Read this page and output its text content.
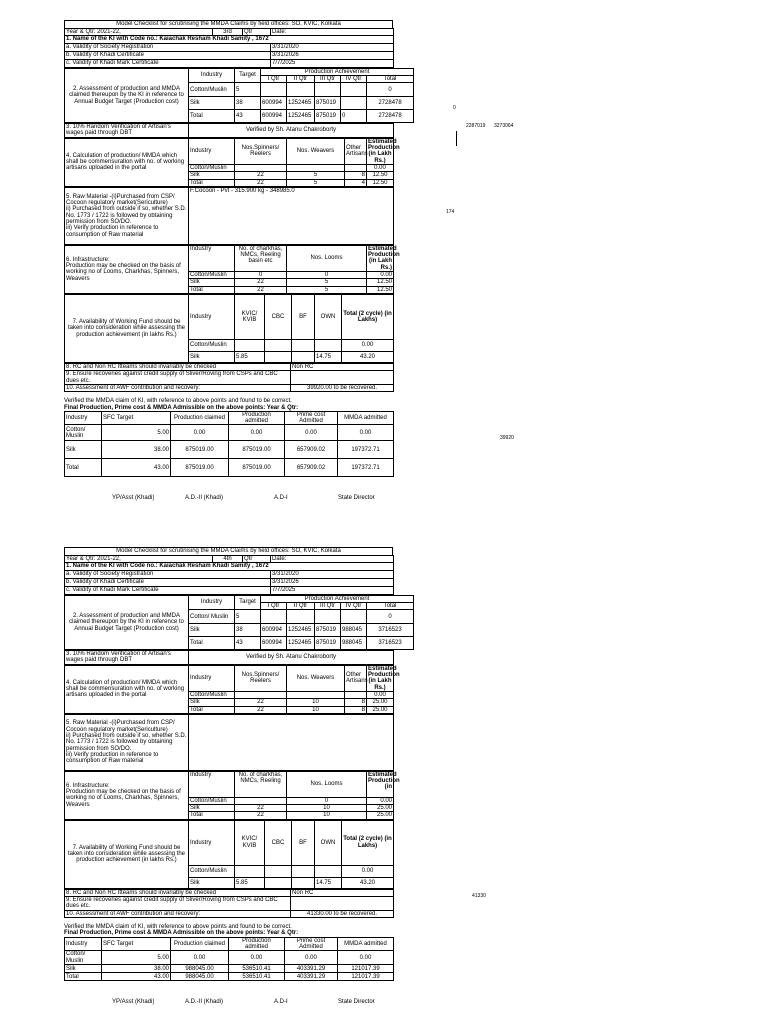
Model Checklist for scrutinising the MMDA Claims by field offices: SO, KVIC, Kolkata
Year & Qtr: 2021-22,	3rd	Qtr	Date:
1. Name of the KI with Code no.: Kaiachak Resham Khadi Samity , 1672			
a. Validity of Society Registration			3/31/2020
b. Validity of Khadi Certificate			3/31/2026
c. Validity of Khadi Mark Certificate			7/7/2025
2. Assessment of production and MMDA claimed thereupon by the KI in reference to Annual Budget Target (Production cost)	Industry	Target	Production Achievement				
			I Qtr	II Qtr	III Qtr	IV Qtr	Total
	Cotton/Muslin	5					0
	Silk	38	600994	1252465	875019		2728478
	Total	43	600994	1252465	875019	0	2728478
3. 10% Random Verification of Artisan's wages paid through DBT	Verified by Sh. Atanu Chakroborty
4. Calculation of production/ MMDA which shall be commensuration with no. of working artisans uploaded in the portal	Industry	Nos.Spinners/ Reelers	Nos. Weavers	Other Artisans	Estimated Production (in Lakh Rs.)
	Cotton/Muslin				0.00
	Silk	22	5	8	12.50
	Total	22	5	4	12.50
5. Raw Material -(i)Purchased from CSP/ Cocoon regulatory market(Sericulture)
ii) Purchased from outside if so, whether S.D. No. 1773 / 1722 is followed by obtaining permission from SO/DO.
iii) Verify production in reference to consumption of Raw material	F.Cocoon - Pvt - 315.900 kg - 348985.0
6. Infrastructure:
Production may be checked on the basis of working no of Looms, Charkhas, Spinners, Weavers	Industry	No. of charkhas, NMCs, Reeling basin etc	Nos. Looms	Estimated Production (in Lakh Rs.)
	Cotton/Muslin	0	0	0.00
	Silk	22	5	12.50
	Total	22	5	12.50
7. Availability of Working Fund should be taken into consideration while assessing the production achievement (in lakhs Rs.)	Industry	KVIC/ KVIB	CBC	BF	OWN	Total (2 cycle) (in Lakhs)	
	Cotton/Muslin					0.00	
	Silk	5.85			14.75	43.20	
8. RC and Non RC Itteams should invariably be checked	Non RC
9. Ensure recoveries against credit supply of Sliver/Roving from CSPs and CBC dues etc.	
10. Assessment of AWF contribution and recovery:	39920.00 to be recovered.
Verified the MMDA claim of KI, with reference to above points and found to be correct.
Final Production, Prime cost & MMDA Admissible on the above points: Year & Qtr:
Industry	SFC Target	Production claimed	Production admitted	Prime cost Admitted	MMDA admitted
Cotton/ Muslin	5.00	0.00	0.00	0.00	0.00
Silk	38.00	875019.00	875019.00	657909.02	197372.71
Total	43.00	875019.00	875019.00	657909.02	197372.71
YP/Asst (Khadi)	A.D.-II (Khadi)	A.D-I	State Director
Model Checklist for scrutinising the MMDA Claims by field offices: SO, KVIC, Kolkata
Year & Qtr: 2021-22,	4th	Qtr	Date:
1. Name of the KI with Code no.: Kaiachak Resham Khadi Samity , 1672			
a. Validity of Society Registration			3/31/2020
b. Validity of Khadi Certificate			3/31/2026
c. Validity of Khadi Mark Certificate			7/7/2025
2. Assessment of production and MMDA claimed thereupon by the KI in reference to Annual Budget Target (Production cost)	Industry	Target	Production Achievement				
			I Qtr	II Qtr	III Qtr	IV Qtr	Total
	Cotton/ Muslin	5					0
	Silk	38	600994	1252465	875019	988045	3716523
	Total	43	600994	1252465	875019	988045	3716523
3. 10% Random Verification of Artisan's wages paid through DBT	Verified by Sh. Atanu Chakroborty
4. Calculation of production/ MMDA which shall be commensuration with no. of working artisans uploaded in the portal	Industry	Nos.Spinners/ Reelers	Nos. Weavers	Other Artisans	Estimated Production (in Lakh Rs.)
	Cotton/Muslin				0.00
	Silk	22	10	8	25.00
	Total	22	10	8	25.00
5. Raw Material -(i)Purchased from CSP/ Cocoon regulatory market(Sericulture)
ii) Purchased from outside if so, whether S.D. No. 1773 / 1722 is followed by obtaining permission from SO/DO.
iii) Verify production in reference to consumption of Raw material	
6. Infrastructure:
Production may be checked on the basis of working no of Looms, Charkhas, Spinners, Weavers	Industry	No. of charkhas, NMCs, Reeling	Nos. Looms	Estimated Production (in
	Cotton/Muslin		0	0.00
	Silk	22	10	25.00
	Total	22	10	25.00
7. Availability of Working Fund should be taken into consideration while assessing the production achievement (in lakhs Rs.)	Industry	KVIC/ KVIB	CBC	BF	OWN	Total (2 cycle) (in Lakhs)	
	Cotton/Muslin					0.00	
	Silk	5.85			14.75	43.20	
8. RC and Non RC Itteams should invariably be checked	Non RC
9. Ensure recoveries against credit supply of Sliver/Roving from CSPs and CBC dues etc.	
10. Assessment of AWF contribution and recovery:	41330.00 to be recovered.
Verified the MMDA claim of KI, with reference to above points and found to be correct.
Final Production, Prime cost & MMDA Admissible on the above points: Year & Qtr:
Industry	SFC Target	Production claimed	Production admitted	Prime cost Admitted	MMDA admitted
Cotton/ Muslin	5.00	0.00	0.00	0.00	0.00
Silk	38.00	988045.00	536510.41	403391.29	121017.39
Total	43.00	988045.00	536510.41	403391.29	121017.39
YP/Asst (Khadi)	A.D.-II (Khadi)	A.D-I	State Director
0
2287019 3273064
174
39920
41330
